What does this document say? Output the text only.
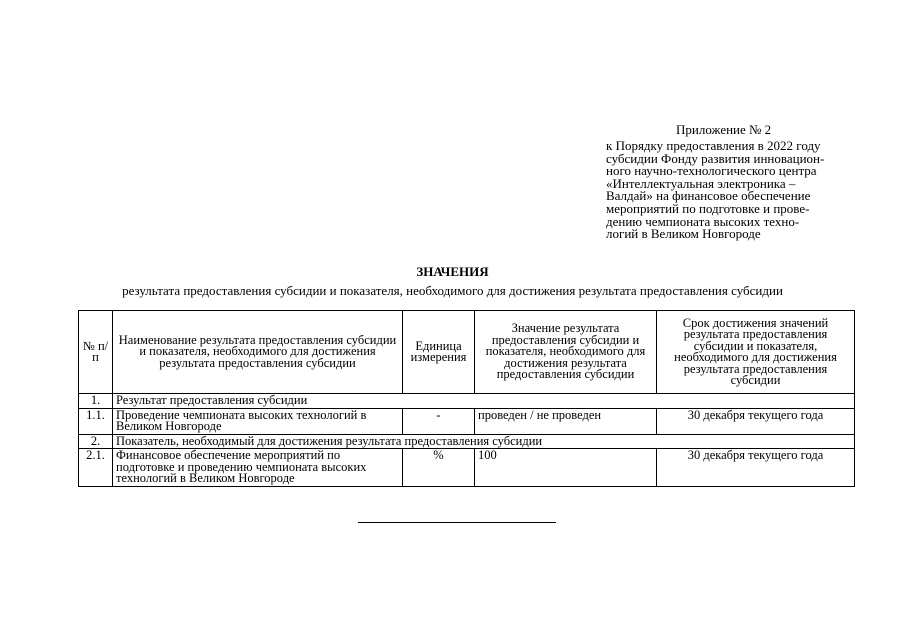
Приложение № 2
к Порядку предоставления в 2022 году
субсидии Фонду развития инновацион-
ного научно-технологического центра
«Интеллектуальная электроника –
Валдай» на финансовое обеспечение
мероприятий по подготовке и прове-
дению чемпионата высоких техно-
логий в Великом Новгороде
ЗНАЧЕНИЯ
результата предоставления субсидии и показателя, необходимого для достижения результата предоставления субсидии
№ п/п	Наименование результата предоставления субсидии и показателя, необходимого для достижения результата предоставления субсидии	Единица измерения	Значение результата предоставления субсидии и показателя, необходимого для достижения результата предоставления субсидии	Срок достижения значений результата предоставления субсидии и показателя, необходимого для достижения результата предоставления субсидии
1.	Результат предоставления субсидии			
1.1.	Проведение чемпионата высоких технологий в Великом Новгороде	-	проведен / не проведен	30 декабря текущего года
2.	Показатель, необходимый для достижения результата предоставления субсидии			
2.1.	Финансовое обеспечение мероприятий по подготовке и проведению чемпионата высоких технологий в Великом Новгороде	%	100	30 декабря текущего года
